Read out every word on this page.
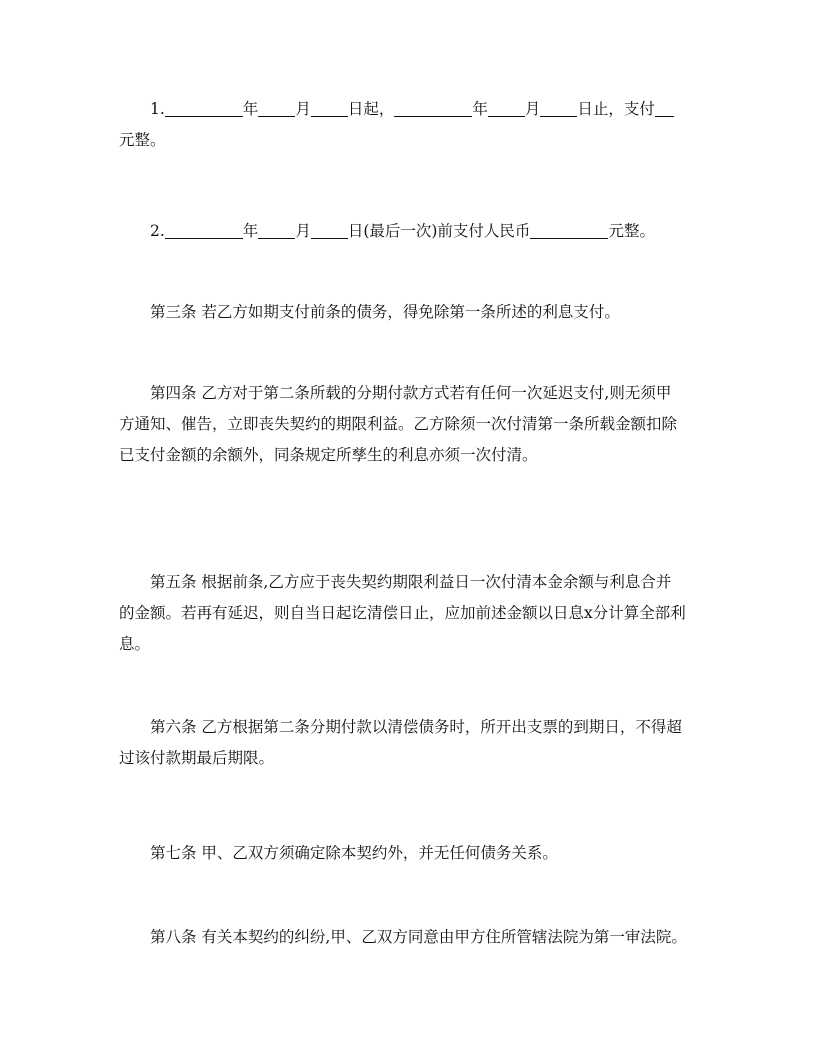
1.	年 月 日起，	年 月 日止，支付
元整。
2.	年 月 日(最后一次)前支付人民币	元整。
第三条 若乙方如期支付前条的债务，得免除第一条所述的利息支付。
第四条 乙方对于第二条所载的分期付款方式若有任何一次延迟支付,则无须甲
方通知、催告，立即丧失契约的期限利益。乙方除须一次付清第一条所载金额扣除
已支付金额的余额外，同条规定所孳生的利息亦须一次付清。
第五条 根据前条,乙方应于丧失契约期限利益日一次付清本金余额与利息合并
的金额。若再有延迟，则自当日起讫清偿日止，应加前述金额以日息x分计算全部利
息。
第六条 乙方根据第二条分期付款以清偿债务时，所开出支票的到期日，不得超
过该付款期最后期限。
第七条 甲、乙双方须确定除本契约外，并无任何债务关系。
第八条 有关本契约的纠纷,甲、乙双方同意由甲方住所管辖法院为第一审法院。
